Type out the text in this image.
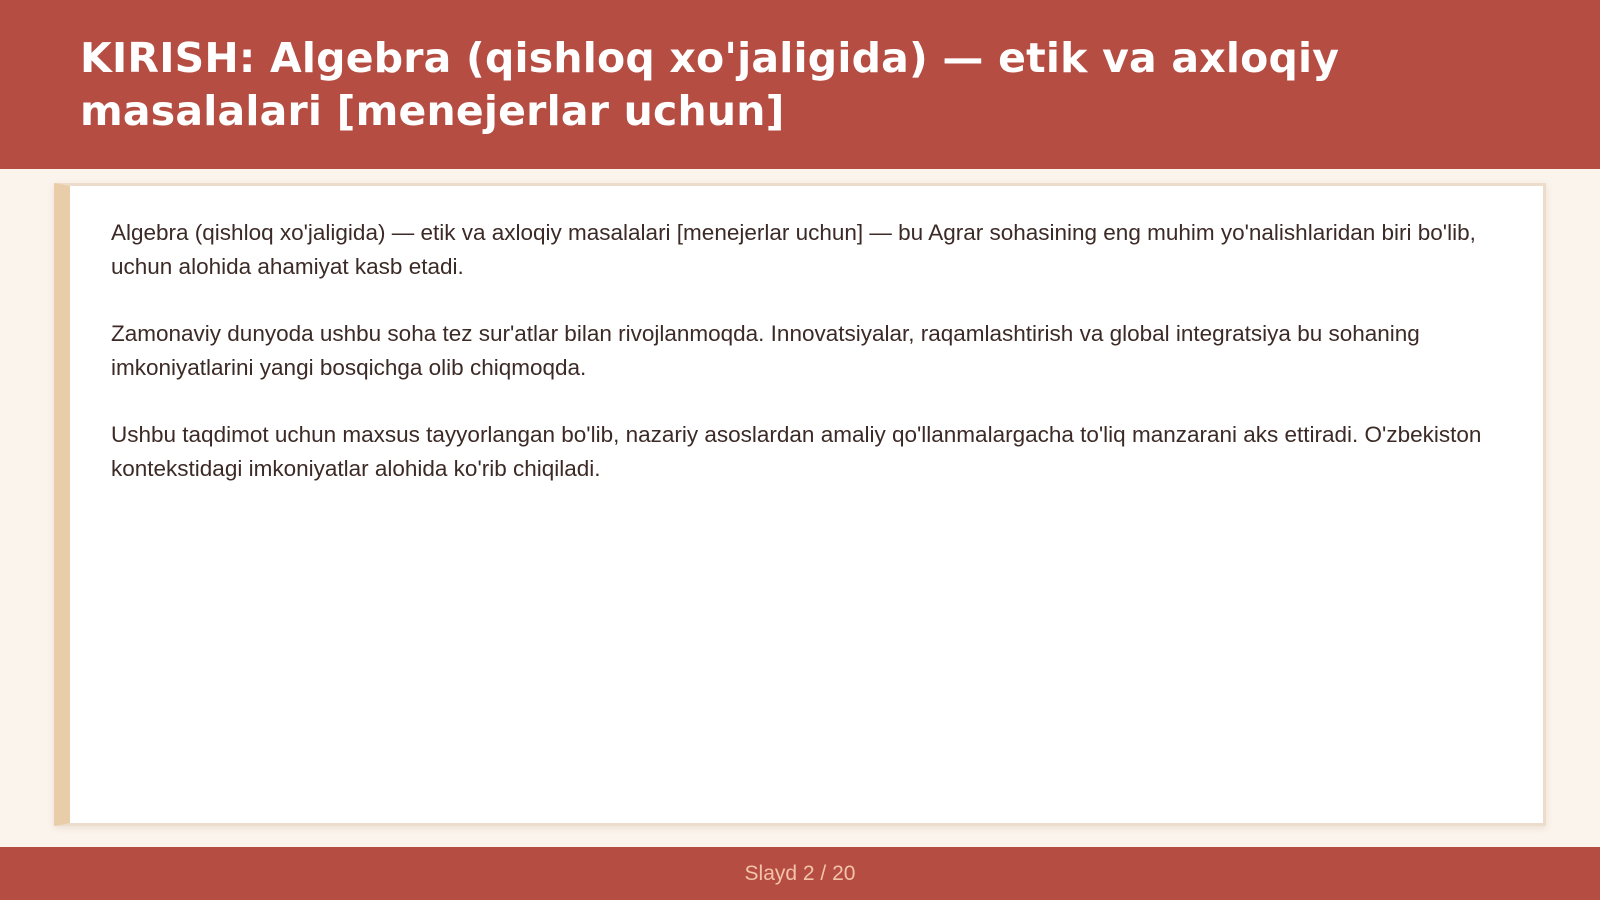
KIRISH: Algebra (qishloq xo'jaligida) — etik va axloqiy masalalari [menejerlar uchun]

Algebra (qishloq xo'jaligida) — etik va axloqiy masalalari [menejerlar uchun] — bu Agrar sohasining eng muhim yo'nalishlaridan biri bo'lib, uchun alohida ahamiyat kasb etadi.

Zamonaviy dunyoda ushbu soha tez sur'atlar bilan rivojlanmoqda. Innovatsiyalar, raqamlashtirish va global integratsiya bu sohaning imkoniyatlarini yangi bosqichga olib chiqmoqda.

Ushbu taqdimot uchun maxsus tayyorlangan bo'lib, nazariy asoslardan amaliy qo'llanmalargacha to'liq manzarani aks ettiradi. O'zbekiston kontekstidagi imkoniyatlar alohida ko'rib chiqiladi.

Slayd 2 / 20
